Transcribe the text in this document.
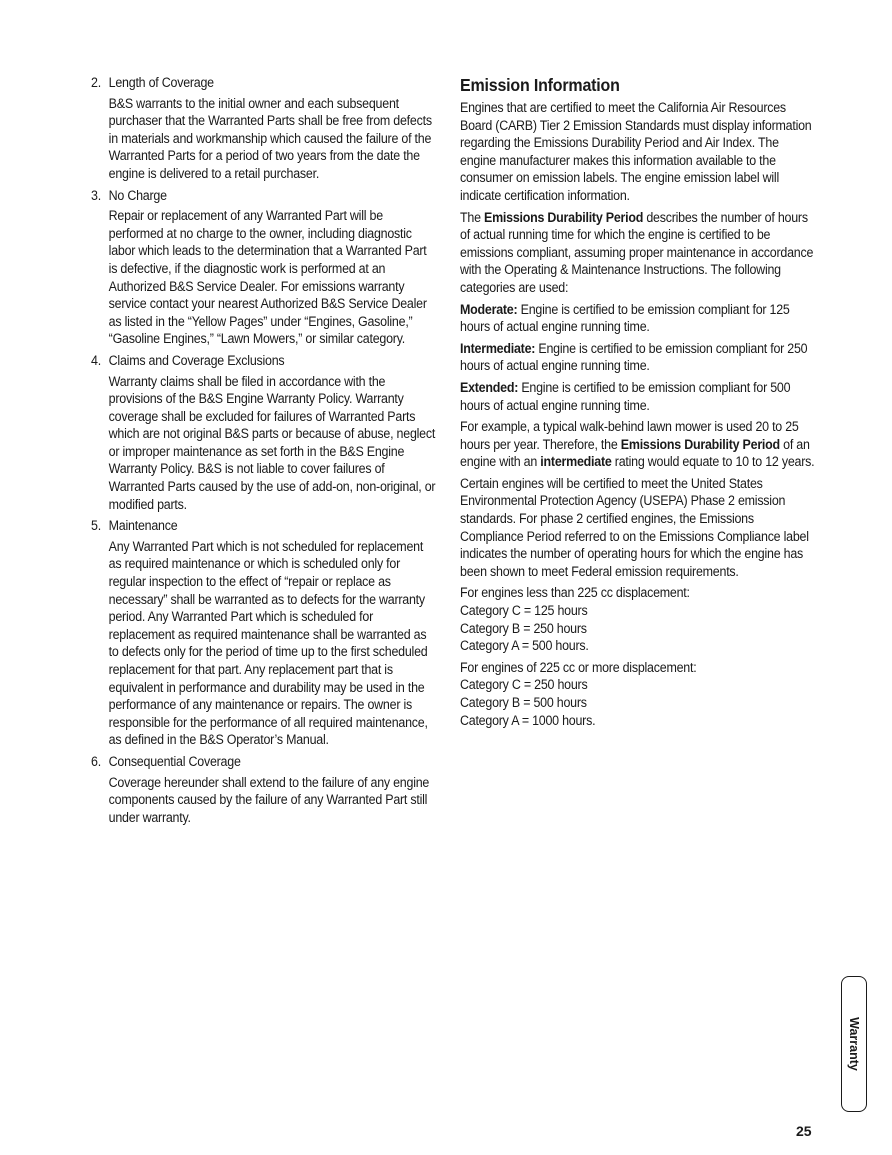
2. Length of Coverage
B&S warrants to the initial owner and each subsequent purchaser that the Warranted Parts shall be free from defects in materials and workmanship which caused the failure of the Warranted Parts for a period of two years from the date the engine is delivered to a retail purchaser.
3. No Charge
Repair or replacement of any Warranted Part will be performed at no charge to the owner, including diagnostic labor which leads to the determination that a Warranted Part is defective, if the diagnostic work is performed at an Authorized B&S Service Dealer. For emissions warranty service contact your nearest Authorized B&S Service Dealer as listed in the “Yellow Pages” under “Engines, Gasoline,” “Gasoline Engines,” “Lawn Mowers,” or similar category.
4. Claims and Coverage Exclusions
Warranty claims shall be filed in accordance with the provisions of the B&S Engine Warranty Policy. Warranty coverage shall be excluded for failures of Warranted Parts which are not original B&S parts or because of abuse, neglect or improper maintenance as set forth in the B&S Engine Warranty Policy. B&S is not liable to cover failures of Warranted Parts caused by the use of add-on, non-original, or modified parts.
5. Maintenance
Any Warranted Part which is not scheduled for replacement as required maintenance or which is scheduled only for regular inspection to the effect of “repair or replace as necessary” shall be warranted as to defects for the warranty period. Any Warranted Part which is scheduled for replacement as required maintenance shall be warranted as to defects only for the period of time up to the first scheduled replacement for that part. Any replacement part that is equivalent in performance and durability may be used in the performance of any maintenance or repairs. The owner is responsible for the performance of all required maintenance, as defined in the B&S Operator’s Manual.
6. Consequential Coverage
Coverage hereunder shall extend to the failure of any engine components caused by the failure of any Warranted Part still under warranty.
Emission Information

Engines that are certified to meet the California Air Resources Board (CARB) Tier 2 Emission Standards must display information regarding the Emissions Durability Period and Air Index. The engine manufacturer makes this information available to the consumer on emission labels. The engine emission label will indicate certification information.

The Emissions Durability Period describes the number of hours of actual running time for which the engine is certified to be emissions compliant, assuming proper maintenance in accordance with the Operating & Maintenance Instructions. The following categories are used:

Moderate: Engine is certified to be emission compliant for 125 hours of actual engine running time.

Intermediate: Engine is certified to be emission compliant for 250 hours of actual engine running time.

Extended: Engine is certified to be emission compliant for 500 hours of actual engine running time.

For example, a typical walk-behind lawn mower is used 20 to 25 hours per year. Therefore, the Emissions Durability Period of an engine with an intermediate rating would equate to 10 to 12 years.

Certain engines will be certified to meet the United States Environmental Protection Agency (USEPA) Phase 2 emission standards. For phase 2 certified engines, the Emissions Compliance Period referred to on the Emissions Compliance label indicates the number of operating hours for which the engine has been shown to meet Federal emission requirements.

For engines less than 225 cc displacement:
Category C = 125 hours
Category B = 250 hours
Category A = 500 hours.
For engines of 225 cc or more displacement:
Category C = 250 hours
Category B = 500 hours
Category A = 1000 hours.
Warranty
25
